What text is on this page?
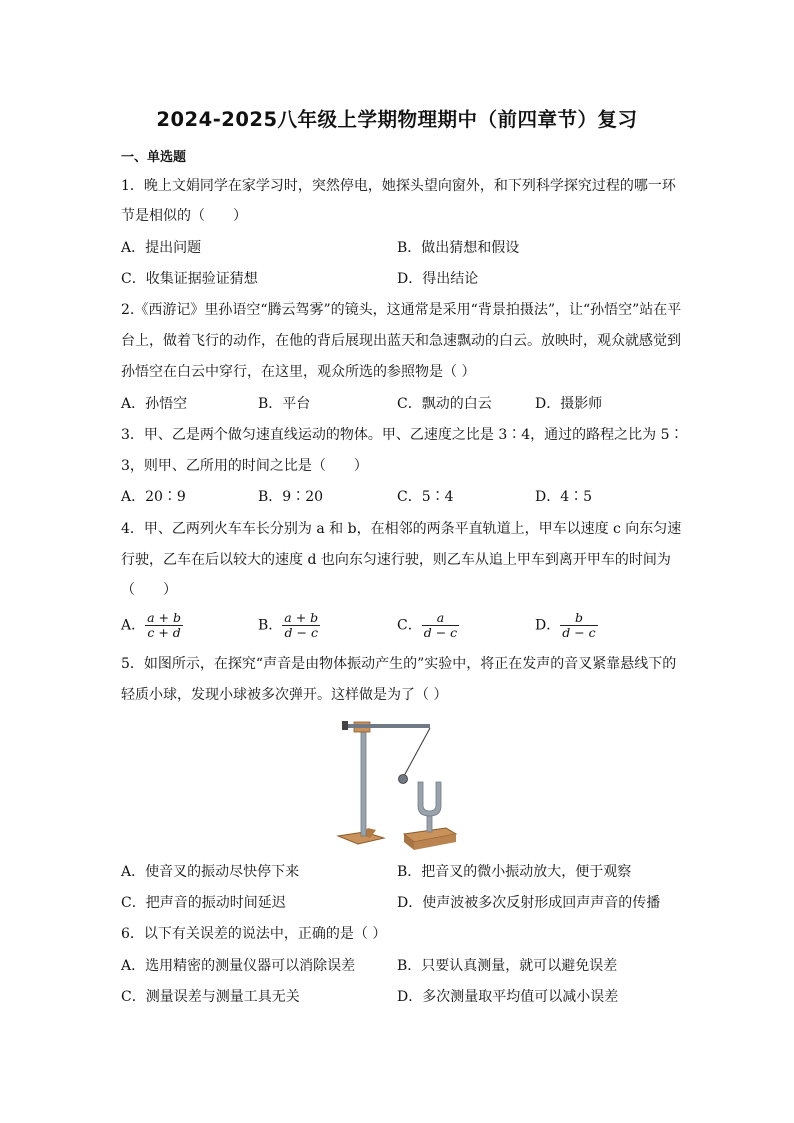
2024-2025八年级上学期物理期中（前四章节）复习
一、单选题
1．晚上文娟同学在家学习时，突然停电，她探头望向窗外，和下列科学探究过程的哪一环
节是相似的（　　）
A．提出问题	B．做出猜想和假设
C．收集证据验证猜想	D．得出结论
2.《西游记》里孙语空“腾云驾雾”的镜头，这通常是采用“背景拍摄法”，让“孙悟空”站在平
台上，做着飞行的动作，在他的背后展现出蓝天和急速飘动的白云。放映时，观众就感觉到
孙悟空在白云中穿行，在这里，观众所选的参照物是（ ）
A．孙悟空	B．平台	C．飘动的白云	D．摄影师
3．甲、乙是两个做匀速直线运动的物体。甲、乙速度之比是 3∶4，通过的路程之比为 5∶
3，则甲、乙所用的时间之比是（　　）
A．20∶9	B．9∶20	C．5∶4	D．4∶5
4．甲、乙两列火车车长分别为 a 和 b，在相邻的两条平直轨道上，甲车以速度 c 向东匀速
行驶，乙车在后以较大的速度 d 也向东匀速行驶，则乙车从追上甲车到离开甲车的时间为
（　　）
A． $\frac{a + b}{c + d}$	B． $\frac{a + b}{d - c}$	C． $\frac{a}{d - c}$	D． $\frac{b}{d - c}$
5．如图所示，在探究“声音是由物体振动产生的”实验中，将正在发声的音叉紧靠悬线下的
轻质小球，发现小球被多次弹开。这样做是为了（ ）
A．使音叉的振动尽快停下来	B．把音叉的微小振动放大，便于观察
C．把声音的振动时间延迟	D．使声波被多次反射形成回声声音的传播
6．以下有关误差的说法中，正确的是（ ）
A．选用精密的测量仪器可以消除误差	B．只要认真测量，就可以避免误差
C．测量误差与测量工具无关	D．多次测量取平均值可以减小误差
